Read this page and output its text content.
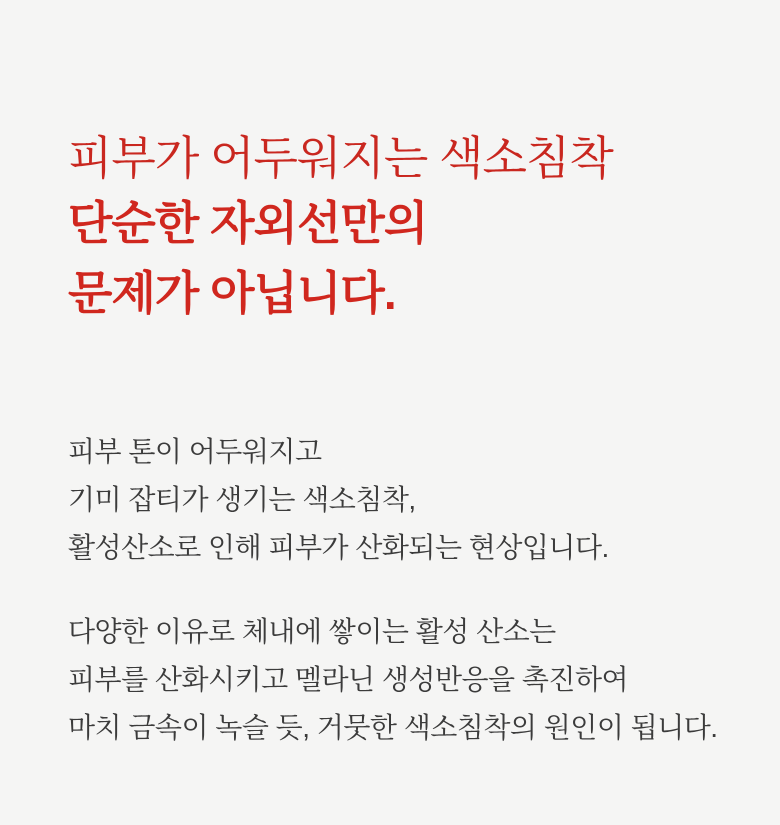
피부가 어두워지는 색소침착
단순한 자외선만의
문제가 아닙니다.

피부 톤이 어두워지고
기미 잡티가 생기는 색소침착,
활성산소로 인해 피부가 산화되는 현상입니다.

다양한 이유로 체내에 쌓이는 활성 산소는
피부를 산화시키고 멜라닌 생성반응을 촉진하여
마치 금속이 녹슬 듯, 거뭇한 색소침착의 원인이 됩니다.
